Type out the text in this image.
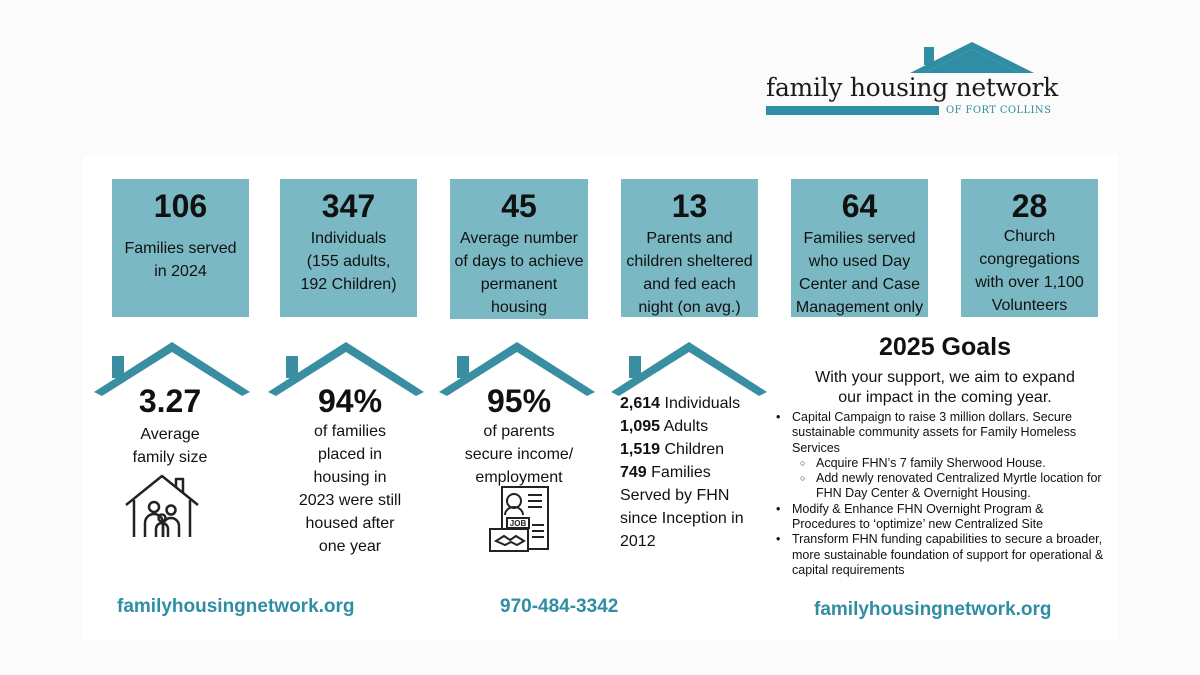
family housing network
OF FORT COLLINS
106
Families served
in 2024
347
Individuals
(155 adults,
192 Children)
45
Average number
of days to achieve
permanent
housing
13
Parents and
children sheltered
and fed each
night (on avg.)
64
Families served
who used Day
Center and Case
Management only
28
Church
congregations
with over 1,100
Volunteers
3.27
Average
family size
94%
of families
placed in
housing in
2023 were still
housed after
one year
95%
of parents
secure income/
employment
JOB
2,614 Individuals
1,095 Adults
1,519 Children
749 Families
Served by FHN
since Inception in
2012
2025 Goals
With your support, we aim to expand
our impact in the coming year.

• Capital Campaign to raise 3 million dollars. Secure sustainable community assets for Family Homeless Services

○ Acquire FHN’s 7 family Sherwood House.

○ Add newly renovated Centralized Myrtle location for FHN Day Center & Overnight Housing.

• Modify & Enhance FHN Overnight Program & Procedures to ‘optimize’ new Centralized Site

• Transform FHN funding capabilities to secure a broader, more sustainable foundation of support for operational & capital requirements

familyhousingnetwork.org	970-484-3342	familyhousingnetwork.org
